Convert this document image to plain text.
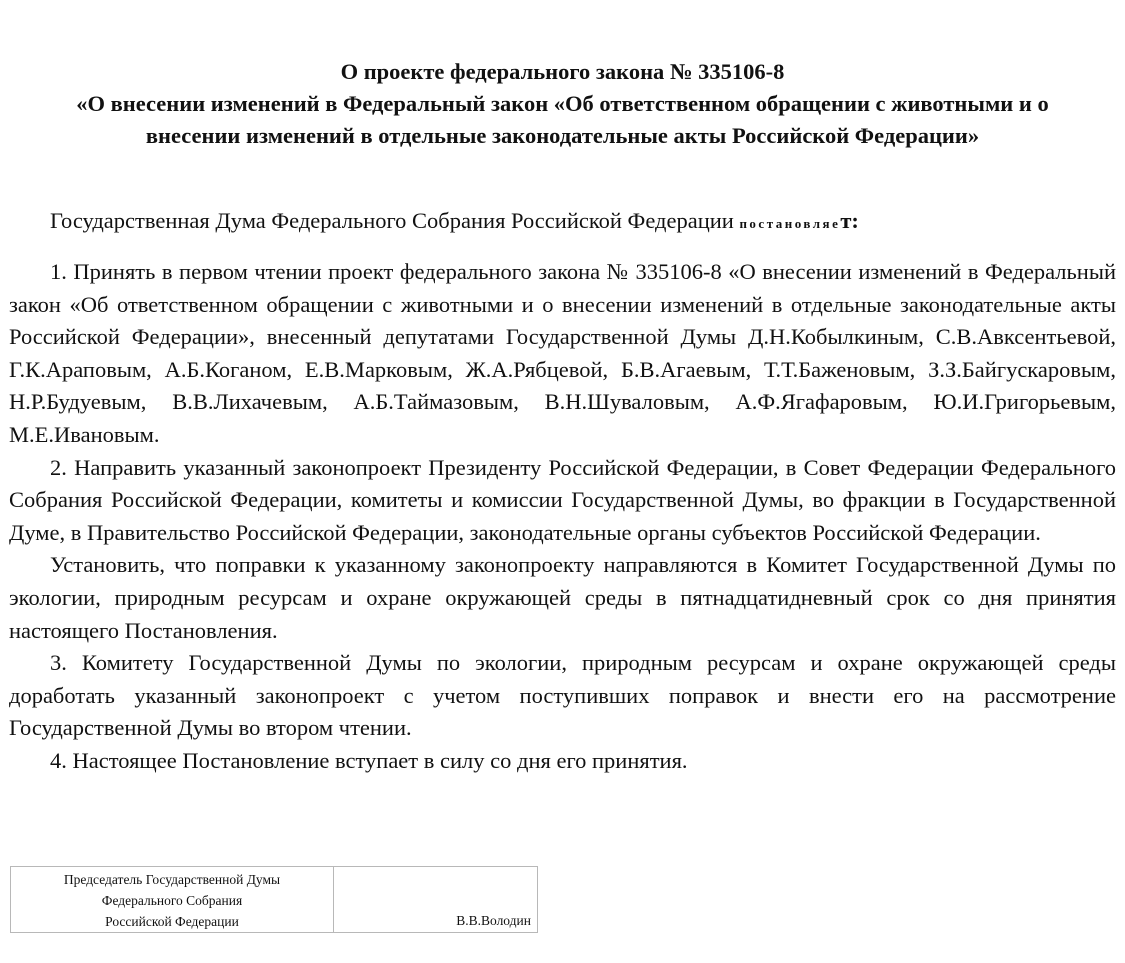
О проекте федерального закона № 335106-8
«О внесении изменений в Федеральный закон «Об ответственном обращении с животными и о
внесении изменений в отдельные законодательные акты Российской Федерации»
Государственная Дума Федерального Собрания Российской Федерации постановляет:

1. Принять в первом чтении проект федерального закона № 335106-8 «О внесении изменений в Федеральный закон «Об ответственном обращении с животными и о внесении изменений в отдельные законодательные акты Российской Федерации», внесенный депутатами Государственной Думы Д.Н.Кобылкиным, С.В.Авксентьевой, Г.К.Араповым, А.Б.Коганом, Е.В.Марковым, Ж.А.Рябцевой, Б.В.Агаевым, Т.Т.Баженовым, З.З.Байгускаровым, Н.Р.Будуевым, В.В.Лихачевым, А.Б.Таймазовым, В.Н.Шуваловым, А.Ф.Ягафаровым, Ю.И.Григорьевым, М.Е.Ивановым.

2. Направить указанный законопроект Президенту Российской Федерации, в Совет Федерации Федерального Собрания Российской Федерации, комитеты и комиссии Государственной Думы, во фракции в Государственной Думе, в Правительство Российской Федерации, законодательные органы субъектов Российской Федерации.

Установить, что поправки к указанному законопроекту направляются в Комитет Государственной Думы по экологии, природным ресурсам и охране окружающей среды в пятнадцатидневный срок со дня принятия настоящего Постановления.

3. Комитету Государственной Думы по экологии, природным ресурсам и охране окружающей среды доработать указанный законопроект с учетом поступивших поправок и внести его на рассмотрение Государственной Думы во втором чтении.

4. Настоящее Постановление вступает в силу со дня его принятия.

Председатель Государственной Думы
Федерального Собрания
Российской Федерации	В.В.Володин
